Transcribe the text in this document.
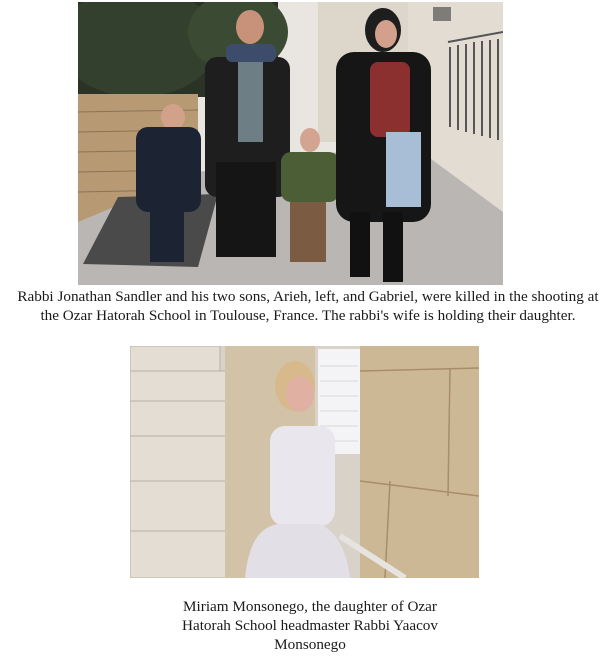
Rabbi Jonathan Sandler and his two sons, Arieh, left, and Gabriel, were killed in the shooting at
the Ozar Hatorah School in Toulouse, France. The rabbi's wife is holding their daughter.
Miriam Monsonego, the daughter of Ozar
Hatorah School headmaster Rabbi Yaacov
Monsonego
